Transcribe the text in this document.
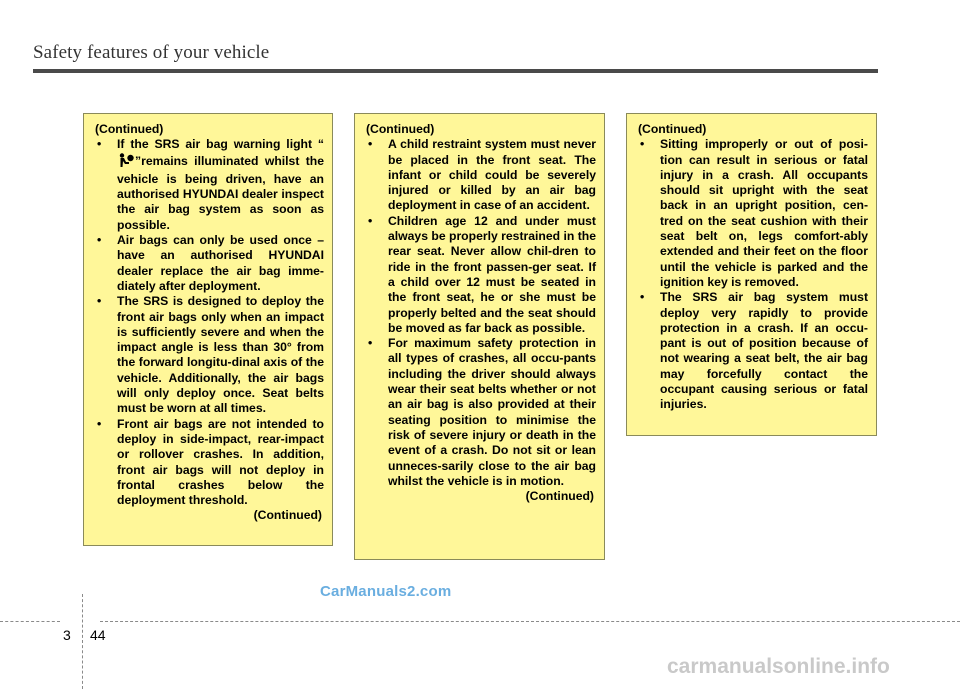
Safety features of your vehicle
(Continued)
• If the SRS air bag warning light “”remains illuminated whilst the vehicle is being driven, have an authorised HYUNDAI dealer inspect the air bag system as soon as possible.
• Air bags can only be used once – have an authorised HYUNDAI dealer replace the air bag imme-diately after deployment.
• The SRS is designed to deploy the front air bags only when an impact is sufficiently severe and when the impact angle is less than 30° from the forward longitu-dinal axis of the vehicle. Additionally, the air bags will only deploy once. Seat belts must be worn at all times.
• Front air bags are not intended to deploy in side-impact, rear-impact or rollover crashes. In addition, front air bags will not deploy in frontal crashes below the deployment threshold.
(Continued)
(Continued)
• A child restraint system must never be placed in the front seat. The infant or child could be severely injured or killed by an air bag deployment in case of an accident.
• Children age 12 and under must always be properly restrained in the rear seat. Never allow chil-dren to ride in the front passen-ger seat. If a child over 12 must be seated in the front seat, he or she must be properly belted and the seat should be moved as far back as possible.
• For maximum safety protection in all types of crashes, all occu-pants including the driver should always wear their seat belts whether or not an air bag is also provided at their seating position to minimise the risk of severe injury or death in the event of a crash. Do not sit or lean unneces-sarily close to the air bag whilst the vehicle is in motion.
(Continued)
(Continued)
• Sitting improperly or out of posi-tion can result in serious or fatal injury in a crash. All occupants should sit upright with the seat back in an upright position, cen-tred on the seat cushion with their seat belt on, legs comfort-ably extended and their feet on the floor until the vehicle is parked and the ignition key is removed.
• The SRS air bag system must deploy very rapidly to provide protection in a crash. If an occu-pant is out of position because of not wearing a seat belt, the air bag may forcefully contact the occupant causing serious or fatal injuries.
CarManuals2.com
3 44
carmanualsonline.info
